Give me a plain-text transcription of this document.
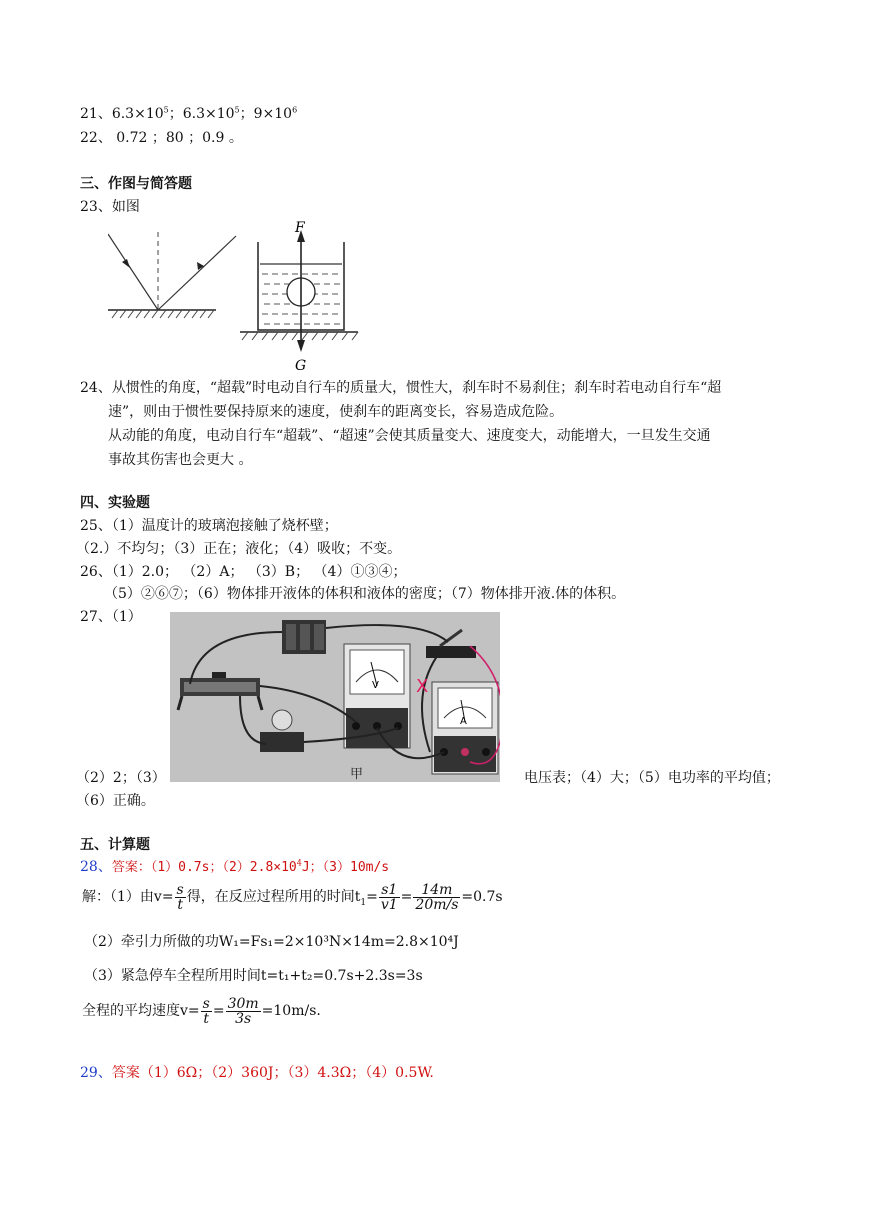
21、$6.3\times 10^5$；$6.3\times 10^5$；$9\times 10^6$
22、 0.72 ；80 ；0.9 。
三、作图与简答题
23、如图
F
G
24、从惯性的角度，“超载”时电动自行车的质量大，惯性大，刹车时不易刹住；刹车时若电动自行车“超
速”，则由于惯性要保持原来的速度，使刹车的距离变长，容易造成危险。
从动能的角度，电动自行车“超载”、“超速”会使其质量变大、速度变大，动能增大，一旦发生交通
事故其伤害也会更大 。
四、实验题
25、（1）温度计的玻璃泡接触了烧杯壁；
（2.）不均匀；（3）正在；液化；（4）吸收；不变。
26、（1）2.0； （2）A； （3）B； （4）①③④；
（5）②⑥⑦；（6）物体排开液体的体积和液体的密度；（7）物体排开液.体的体积。
27、（1）
V
A
X
甲
（2）2；（3）	电压表；（4）大；（5）电功率的平均值；
（6）正确。
五、计算题
28、答案：（1）0.7s；$(2)2.8\times 10^4J$；（3）10m/s
解：（1）由$v= \frac{s}{t}$ 得，在反应过程所用的时间$t_1= \frac{s1}{v1} = \frac{14m}{20m/s} =0.7s$
（2）牵引力所做的功W₁=Fs₁=2×10³N×14m=2.8×10⁴J
（3）紧急停车全程所用时间t=t₁+t₂=0.7s+2.3s=3s
全程的平均速度$v= \frac{s}{t} = \frac{30m}{3s} =10m/s$.
29、答案（1）6Ω；（2）360J；（3）4.3Ω；（4）0.5W.
